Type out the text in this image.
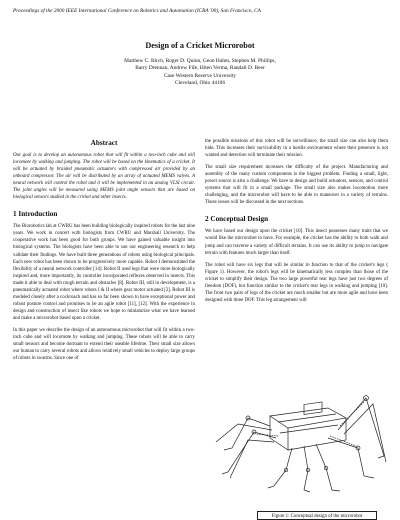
Proceedings of the 2000 IEEE International Conference on Robotics and Automation (ICRA '00), San Francisco, CA
Design of a Cricket Microrobot
Matthew C. Birch, Roger D. Quinn, Geon Hahm, Stephen M. Phillips,
Barry Drennan, Andrew Fife, Hiten Verma, Randall D. Beer
Case Western Reserve University
Cleveland, Ohio 44106
Abstract

Our goal is to develop an autonomous robot that will fit within a two-inch cube and will locomote by walking and jumping. The robot will be based on the kinematics of a cricket. It will be actuated by braided pneumatic actuators with compressed air provided by an onboard compressor. The air will be distributed by an array of actuated MEMS valves. A neural network will control the robot and it will be implemented in an analog VLSI circuit. The joint angles will be measured using MEMS joint angle sensors that are based on biological sensors studied in the cricket and other insects.

1 Introduction

The Biorobotics lab at CWRU has been building biologically inspired robots for the last nine years. We work in concert with biologists from CWRU and Marshall University. The cooperative work has been good for both groups. We have gained valuable insight into biological systems. The biologists have been able to use our engineering research to help validate their findings. We have built three generations of robots using biological principals. Each new robot has been shown to be progressively more capable. Robot I demonstrated the flexibility of a neural network controller [14]. Robot II used legs that were more biologically inspired and, more importantly, its controller incorporated reflexes observed in insects. This made it able to deal with rough terrain and obstacles [8]. Robot III, still in development, is a pneumatically actuated robot where robots I & II where gear motor actuated [2]. Robot III is modeled closely after a cockroach and has so far been shown to have exceptional power and robust posture control and promises to be an agile robot [11], [12]. With the experience in design and construction of insect like robots we hope to miniaturize what we have learned and make a microrobot based upon a cricket.

In this paper we describe the design of an autonomous microrobot that will fit within a two-inch cube and will locomote by walking and jumping. These robots will be able to carry small sensors and become dormant to extend their useable lifetime. Their small size allows our human to carry several robots and allows relatively small vehicles to deploy large groups of robots in swarms. Since one of

the possible missions of this robot will be surveillance, the small size can also help them hide. This increases their survivability in a hostile environment where their presence is not wanted and detection will terminate their mission.

The small size requirement increases the difficulty of the project. Manufacturing and assembly of the many custom components is the biggest problem. Finding a small, light, power source is also a challenge. We have to design and build actuators, sensors, and control systems that will fit in a small package. The small size also makes locomotion more challenging, and the microrobot will have to be able to maneuver in a variety of terrains. These issues will be discussed in the next sections.

2 Conceptual Design

We have based our design upon the cricket [10]. This insect possesses many traits that we would like the microrobot to have. For example, the cricket has the ability to both walk and jump and can traverse a variety of difficult terrains. It can use its ability to jump to navigate terrain with features much larger than itself.

The robot will have six legs that will be similar in function to that of the cricket's legs ( Figure 1). However, the robot's legs will be kinematically less complex than those of the cricket to simplify their design. The two large powerful rear legs have just two degrees of freedom (DOF), but function similar to the cricket's rear legs in walking and jumping [10]. The front two pairs of legs of the cricket are much smaller but are more agile and have been designed with three DOF. This leg arrangement will

Figure 1: Conceptual design of the microrobot
